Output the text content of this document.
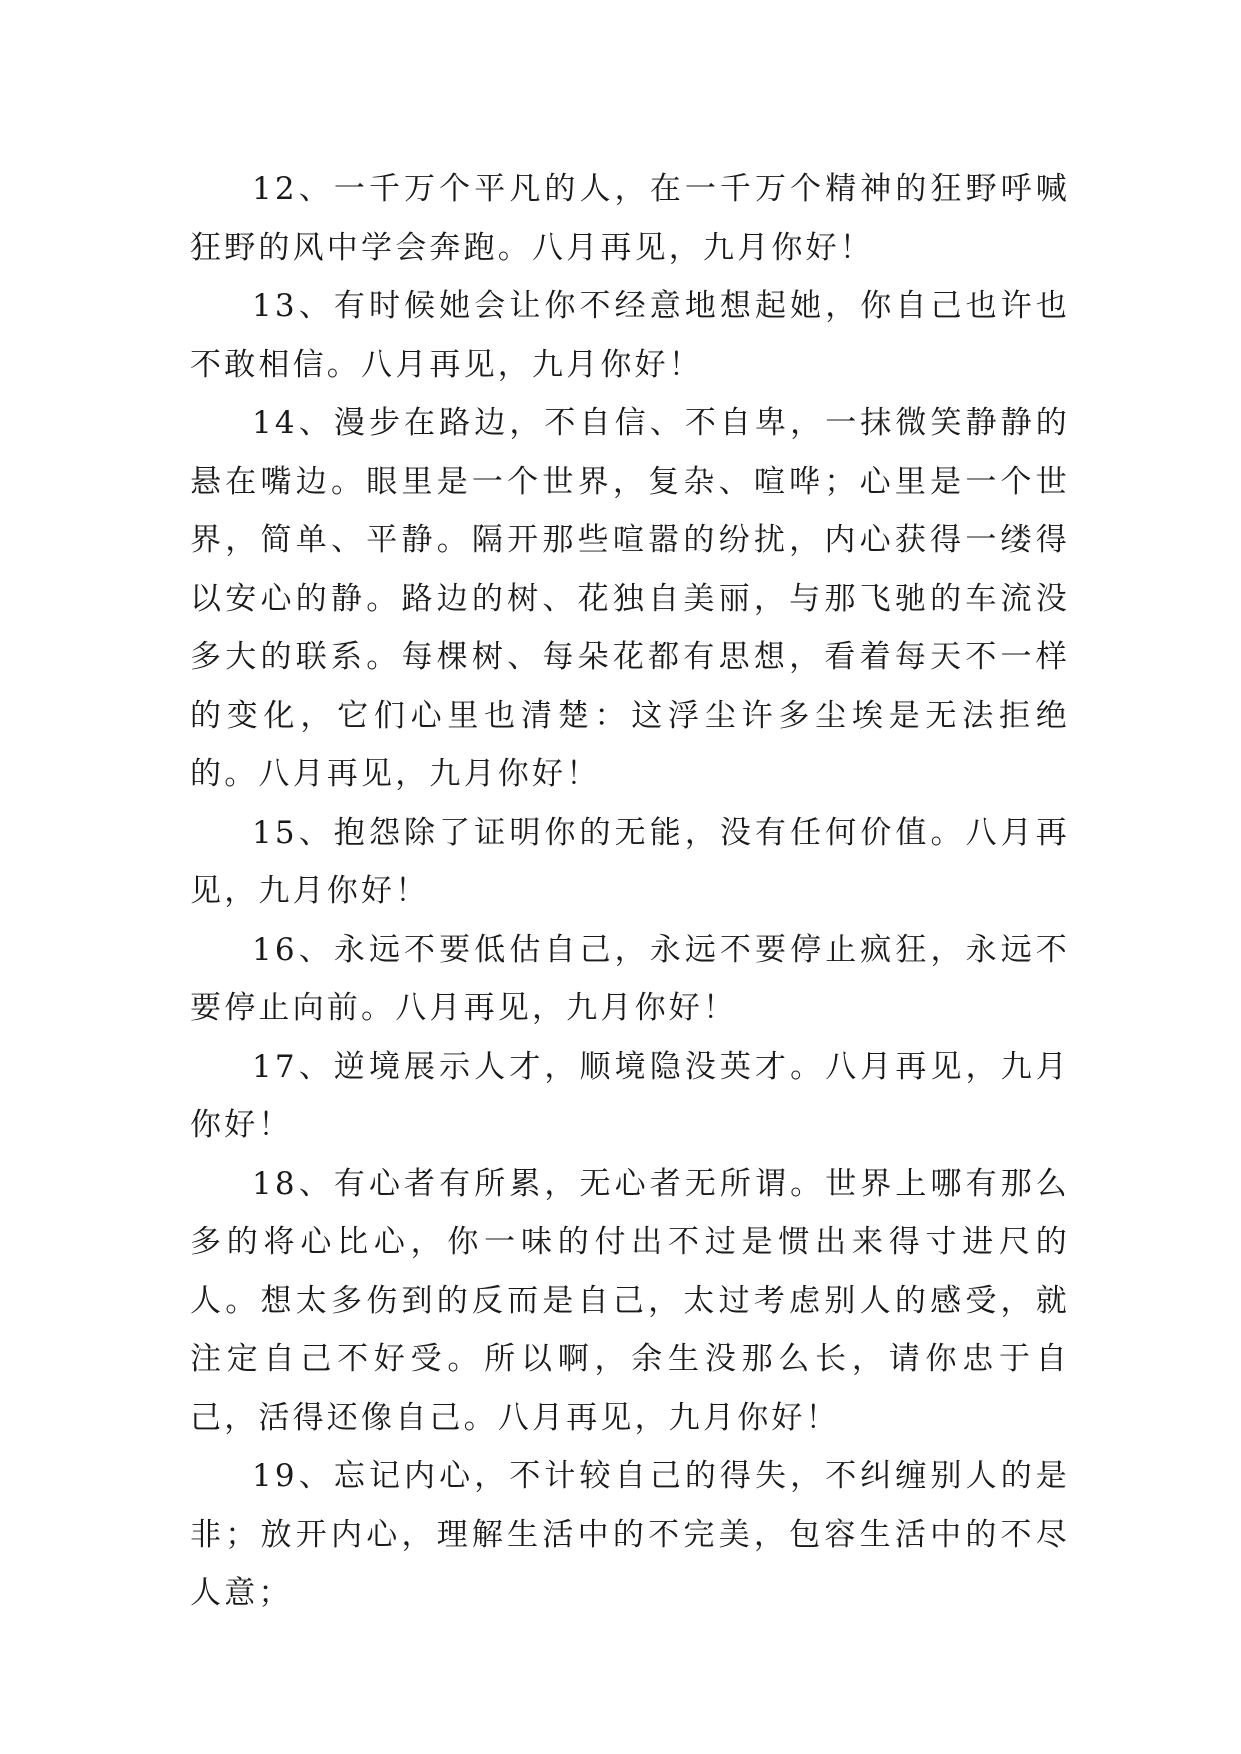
12、一千万个平凡的人，在一千万个精神的狂野呼喊狂野的风中学会奔跑。八月再见，九月你好！

13、有时候她会让你不经意地想起她，你自己也许也不敢相信。八月再见，九月你好！

14、漫步在路边，不自信、不自卑，一抹微笑静静的悬在嘴边。眼里是一个世界，复杂、喧哗；心里是一个世界，简单、平静。隔开那些喧嚣的纷扰，内心获得一缕得以安心的静。路边的树、花独自美丽，与那飞驰的车流没多大的联系。每棵树、每朵花都有思想，看着每天不一样的变化，它们心里也清楚：这浮尘许多尘埃是无法拒绝的。八月再见，九月你好！

15、抱怨除了证明你的无能，没有任何价值。八月再见，九月你好！

16、永远不要低估自己，永远不要停止疯狂，永远不要停止向前。八月再见，九月你好！

17、逆境展示人才，顺境隐没英才。八月再见，九月你好！

18、有心者有所累，无心者无所谓。世界上哪有那么多的将心比心，你一味的付出不过是惯出来得寸进尺的人。想太多伤到的反而是自己，太过考虑别人的感受，就注定自己不好受。所以啊，余生没那么长，请你忠于自己，活得还像自己。八月再见，九月你好！

19、忘记内心，不计较自己的得失，不纠缠别人的是非；放开内心，理解生活中的不完美，包容生活中的不尽人意；
